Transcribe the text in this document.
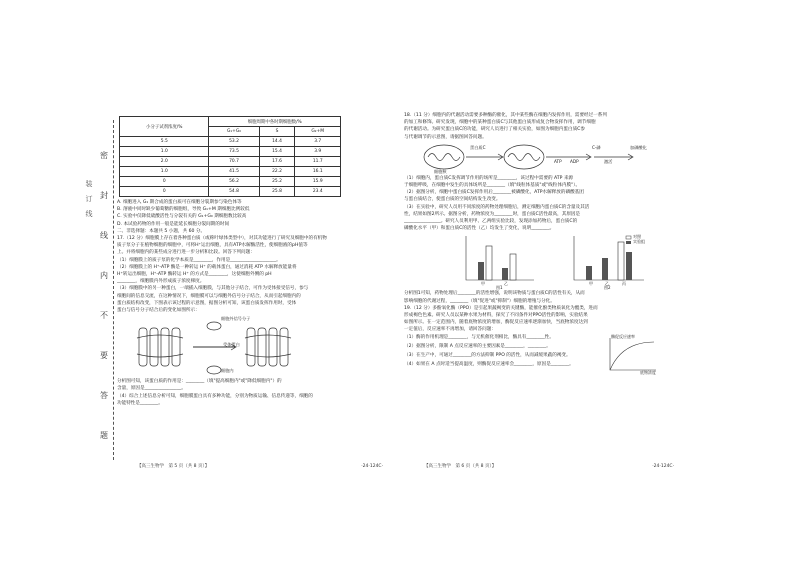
装订线
密
封
线
内
不
要
答
题
小分子试剂浓度/%	细胞周期中各时期细胞数/%		
	G₁+G₀	S	G₂+M
5.5	53.2	14.4	3.7
1.0	73.5	15.4	3.9
2.0	70.7	17.6	11.7
1.0	41.5	22.2	16.1
0	56.2	25.2	15.9
0	54.8	25.8	23.4

A. 细胞进入 G₁ 期合成的蛋白质可在细胞分裂期参与染色体等

B. 溶液中同时缺少葡萄糖的细胞组，导致 G₁+M 期细胞比例较低

C. 实验中仅降低硫酸活性与分裂有关的 G₁+G₀ 期细胞数比较高

D. 本试验药物的作用一般是能延长细胞分裂间期的时间

二、非选择题：本题共 5 小题，共 60 分。

17.（12 分）细胞膜上存在着各种蛋白质（或称叶绿体类型中），对其功能进行了研究及细胞中的有机物

质子泵分子在植物细胞的细胞中，可将H⁺运出细胞，具有ATP水解酶活性，使细胞液的pH值等

上。并将细胞内的某些成分进行进一步分析和比较。回答下列问题：

（1）细胞膜上的质子泵的化学本质是________，作用是____________________。

（2）细胞膜上的 H⁺-ATP 酶是一种转运 H⁺ 的载体蛋白，通过消耗 ATP 水解释放能量将

H⁺转运出细胞，H⁺-ATP 酶转运 H⁺ 的方式是________，这使细胞外侧的 pH

________，细胞膜内外形成质子浓度梯度。

（3）细胞膜中的另一种蛋白，一端插入细胞膜，与其他分子结合，可作为受体接受信号，参与

细胞间的信息交流，在这种情况下，细胞膜可以与细胞外信号分子结合，从而引起细胞内的

蛋白质结构改变，下图表示该过程的示意图，据图分析可知，该蛋白质发挥作用时，受体

蛋白与信号分子结合后的变化如图所示：

细胞外信号分子
受体蛋白
细胞内

分析图可知，该蛋白质的作用是：________（填"提高细胞内"或"降低细胞内"）的

含量，原因是________________。

（4）综合上述信息分析可知，细胞膜蛋白具有多种功能，分别为物质运输、信息传递等，细胞的

功能特性是________。

【高三生物学　第 5 页（共 8 页）】	·24·124C·

18.（11 分）细胞内的代谢活动需要多种酶的催化，其中某些酶在细胞内发挥作用，需要经过一系列

的加工和修饰。研究发现，细胞中的某种蛋白质C与其他蛋白质形成复合物发挥作用，调节细胞

的代谢活动。为研究蛋白质C的功能，研究人员进行了相关实验，如图为细胞内蛋白质C参

与代谢调节的示意图，请据图回答问题。

蛋白质C
ATP
C-磷	加磷酸化
ADP	激活
细胞核

（1）细胞内，蛋白质C发挥调节作用的场所是________，该过程中需要的 ATP 来源

于细胞呼吸，在细胞中发生的具体场所是________（填"线粒体基质"或"线粒体内膜"）。

（2）据图分析，细胞中蛋白质C发挥作用后________被磷酸化，ATP水解释放的磷酸基团

与蛋白质结合，使蛋白质的空间结构发生改变。

（3）在实验中，研究人员用不同浓度的药物处理细胞后，测定细胞内蛋白质C的含量及其活

性，结果如图2所示。据图分析，药物浓度为________时，蛋白质C活性最高，其原因是

________________。研究人员利用甲、乙两组实验比较，发现添加药物后，蛋白质C的

磷酸化水平（甲）和蛋白质C的活性（乙）均发生了变化，说明________。

对照
实验组
甲	乙	甲	乙	丙
图1	图2

分析图1可知，药物处理后________的活性增强，说明该物质与蛋白质C的活性有关，从而

影响细胞的代谢过程，________（填"促进"或"抑制"）细胞的增殖与分化。

19.（12 分）多酚氧化酶（PPO）是引起果蔬褐变的关键酶，能催化酚类物质氧化为醌类，进而

形成褐色色素。研究人员以某种水果为材料，探究了不同条件对PPO活性的影响，实验结果

如图所示。在一定范围内，随着底物浓度的增加，酶促反应速率逐渐加快，当底物浓度达到

一定值后，反应速率不再增加，请回答问题：

酶促反应速率
底物浓度

（1）酶的作用机理是________，与无机催化剂相比，酶具有________性。

（2）据图分析，限制 A 点反应速率的主要因素是________，________。

（3）在生产中，可通过________的方法抑制 PPO 的活性，从而减缓果蔬的褐变。

（4）如果在 A 点时适当提高温度，则酶促反应速率会________，原因是________。

【高三生物学　第 6 页（共 8 页）】	·24·124C·
